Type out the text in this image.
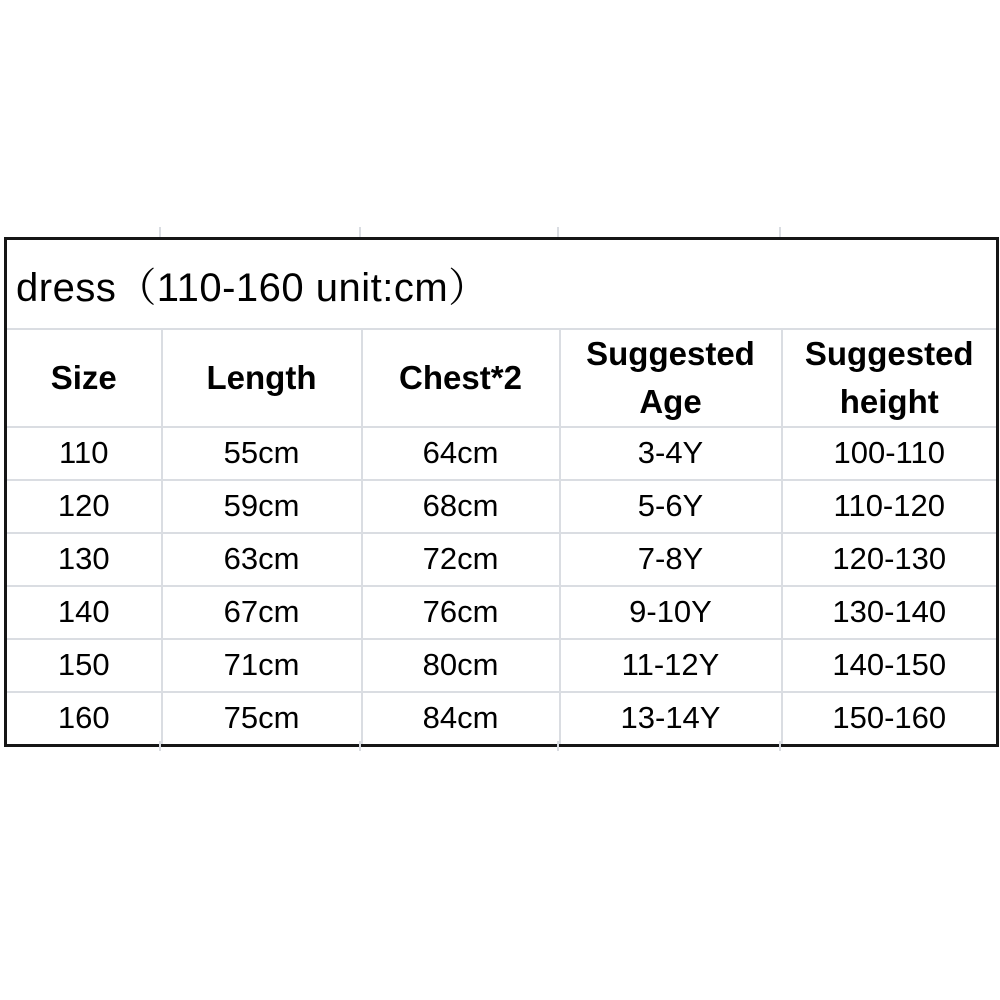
dress（110-160 unit:cm）				
Size	Length	Chest*2	Suggested Age	Suggested height
110	55cm	64cm	3-4Y	100-110
120	59cm	68cm	5-6Y	110-120
130	63cm	72cm	7-8Y	120-130
140	67cm	76cm	9-10Y	130-140
150	71cm	80cm	11-12Y	140-150
160	75cm	84cm	13-14Y	150-160
